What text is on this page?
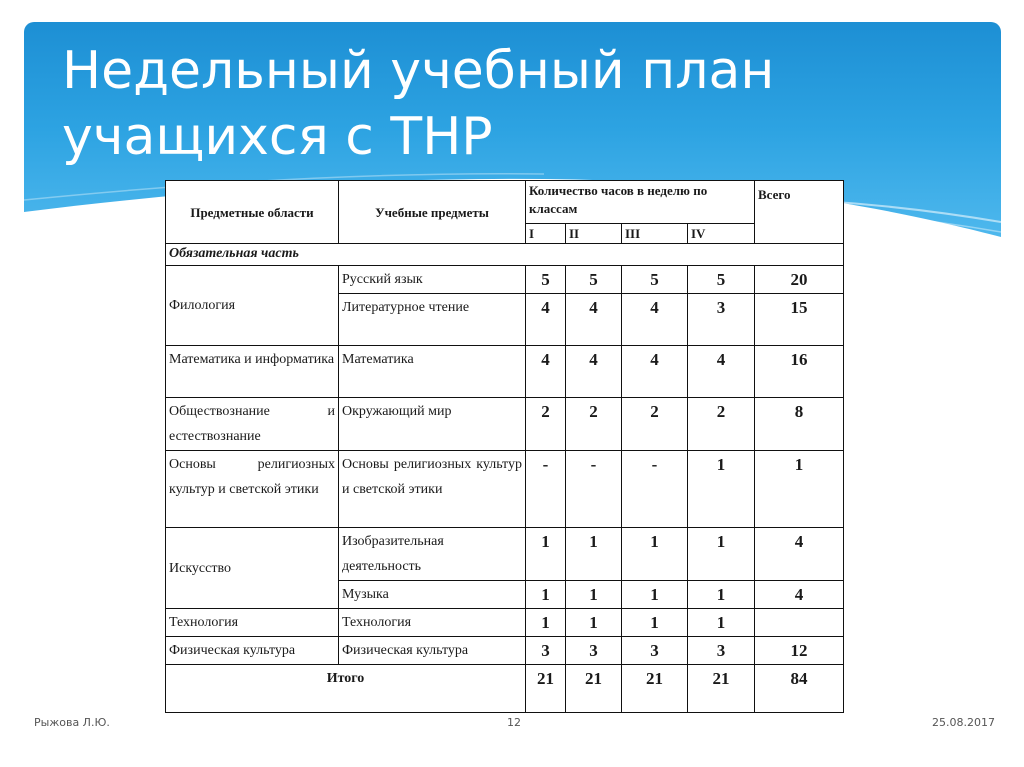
Недельный учебный план
учащихся с ТНР
Предметные области	Учебные предметы	Количество часов в неделю по классам				Всего
		I	II	III	IV	
Обязательная часть						
Филология	Русский язык	5	5	5	5	20
	Литературное чтение	4	4	4	3	15
Математика и информатика	Математика	4	4	4	4	16
Обществознание и естествознание	Окружающий мир	2	2	2	2	8
Основы религиозных культур и светской этики	Основы религиозных культур и светской этики	-	-	-	1	1
Искусство	Изобразительная деятельность	1	1	1	1	4
	Музыка	1	1	1	1	4
Технология	Технология	1	1	1	1	
Физическая культура	Физическая культура	3	3	3	3	12
Итого		21	21	21	21	84
Рыжова Л.Ю.	12	25.08.2017
